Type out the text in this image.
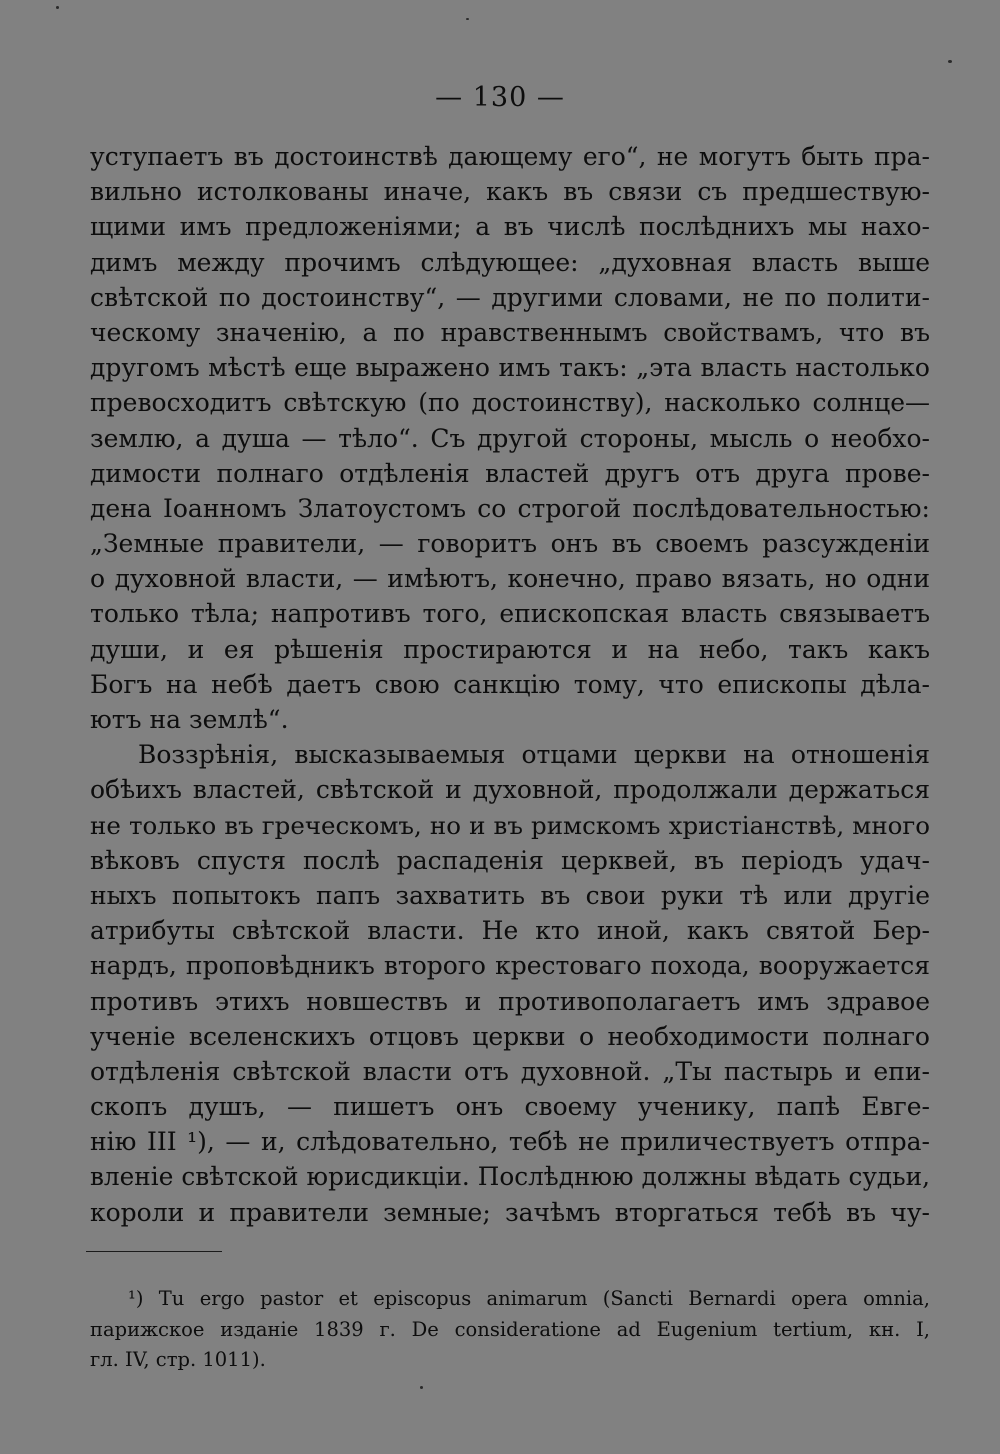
— 130 —
уступаетъ въ достоинствѣ дающему его“, не могутъ быть пра-
вильно истолкованы иначе, какъ въ связи съ предшествую-
щими имъ предложеніями; а въ числѣ послѣднихъ мы нахо-
димъ между прочимъ слѣдующее: „духовная власть выше
свѣтской по достоинству“, — другими словами, не по полити-
ческому значенію, а по нравственнымъ свойствамъ, что въ
другомъ мѣстѣ еще выражено имъ такъ: „эта власть настолько
превосходитъ свѣтскую (по достоинству), насколько солнце—
землю, а душа — тѣло“. Съ другой стороны, мысль о необхо-
димости полнаго отдѣленія властей другъ отъ друга прове-
дена Іоанномъ Златоустомъ со строгой послѣдовательностью:
„Земные правители, — говоритъ онъ въ своемъ разсужденіи
о духовной власти, — имѣютъ, конечно, право вязать, но одни
только тѣла; напротивъ того, епископская власть связываетъ
души, и ея рѣшенія простираются и на небо, такъ какъ
Богъ на небѣ даетъ свою санкцію тому, что епископы дѣла-
ютъ на землѣ“.
Воззрѣнія, высказываемыя отцами церкви на отношенія
обѣихъ властей, свѣтской и духовной, продолжали держаться
не только въ греческомъ, но и въ римскомъ христіанствѣ, много
вѣковъ спустя послѣ распаденія церквей, въ періодъ удач-
ныхъ попытокъ папъ захватить въ свои руки тѣ или другіе
атрибуты свѣтской власти. Не кто иной, какъ святой Бер-
нардъ, проповѣдникъ второго крестоваго похода, вооружается
противъ этихъ новшествъ и противополагаетъ имъ здравое
ученіе вселенскихъ отцовъ церкви о необходимости полнаго
отдѣленія свѣтской власти отъ духовной. „Ты пастырь и епи-
скопъ душъ, — пишетъ онъ своему ученику, папѣ Евге-
нію III ¹), — и, слѣдовательно, тебѣ не приличествуетъ отпра-
вленіе свѣтской юрисдикціи. Послѣднюю должны вѣдать судьи,
короли и правители земные; зачѣмъ вторгаться тебѣ въ чу-
¹) Tu ergo pastor et episcopus animarum (Sancti Bernardi opera omnia,
парижское изданіе 1839 г. De consideratione ad Eugenium tertium, кн. I,
гл. IV, стр. 1011).
